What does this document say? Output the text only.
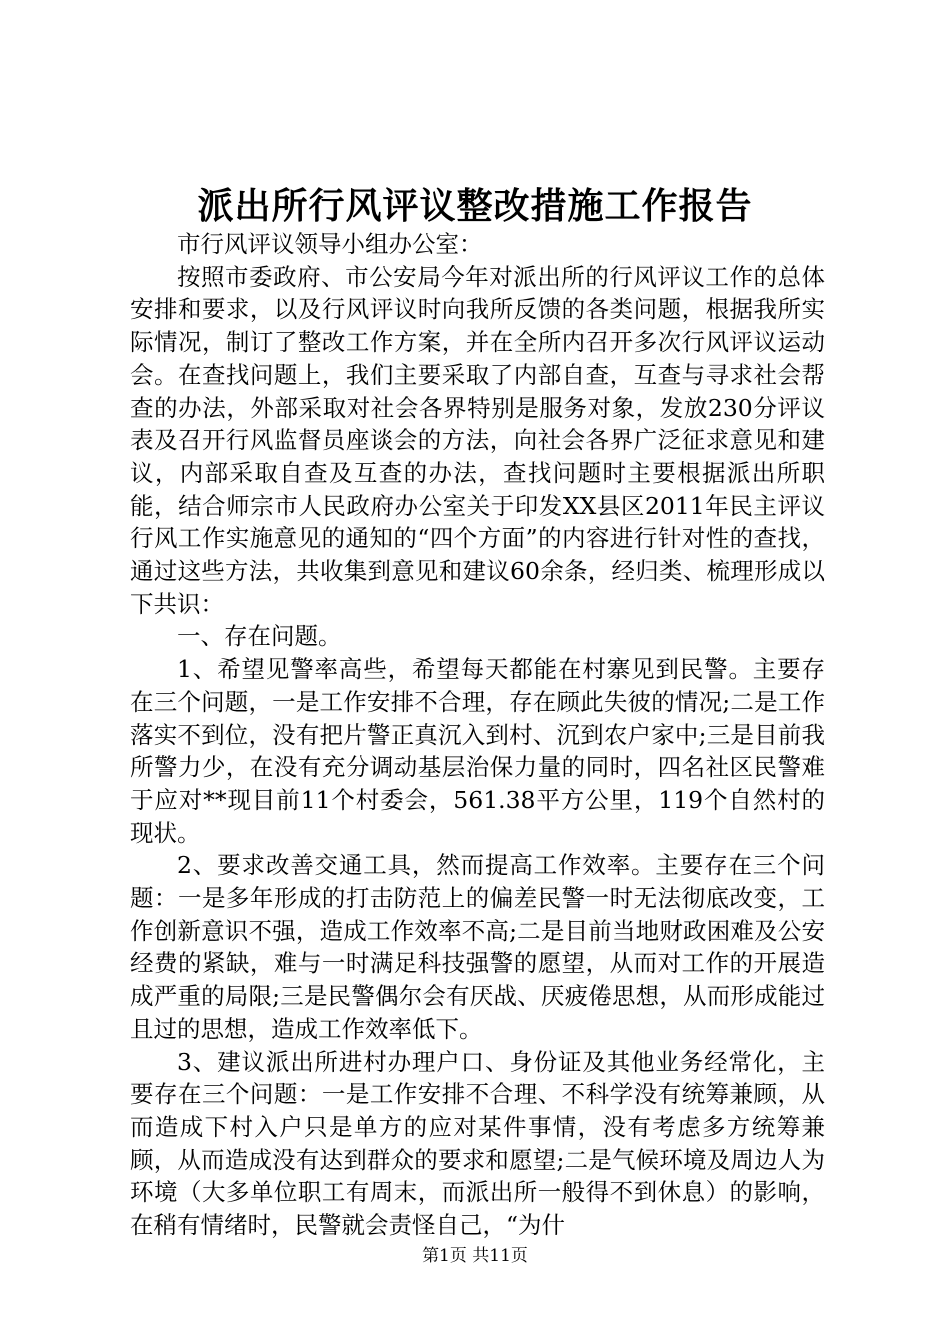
派出所行风评议整改措施工作报告

市行风评议领导小组办公室：

按照市委政府、市公安局今年对派出所的行风评议工作的总体安排和要求，以及行风评议时向我所反馈的各类问题，根据我所实际情况，制订了整改工作方案，并在全所内召开多次行风评议运动会。在查找问题上，我们主要采取了内部自查，互查与寻求社会帮查的办法，外部采取对社会各界特别是服务对象，发放230分评议表及召开行风监督员座谈会的方法，向社会各界广泛征求意见和建议，内部采取自查及互查的办法，查找问题时主要根据派出所职能，结合师宗市人民政府办公室关于印发XX县区2011年民主评议行风工作实施意见的通知的“四个方面”的内容进行针对性的查找，通过这些方法，共收集到意见和建议60余条，经归类、梳理形成以下共识：

一、存在问题。

1、希望见警率高些，希望每天都能在村寨见到民警。主要存在三个问题，一是工作安排不合理，存在顾此失彼的情况;二是工作落实不到位，没有把片警正真沉入到村、沉到农户家中;三是目前我所警力少，在没有充分调动基层治保力量的同时，四名社区民警难于应对**现目前11个村委会，561.38平方公里，119个自然村的现状。

2、要求改善交通工具，然而提高工作效率。主要存在三个问题：一是多年形成的打击防范上的偏差民警一时无法彻底改变，工作创新意识不强，造成工作效率不高;二是目前当地财政困难及公安经费的紧缺，难与一时满足科技强警的愿望，从而对工作的开展造成严重的局限;三是民警偶尔会有厌战、厌疲倦思想，从而形成能过且过的思想，造成工作效率低下。

3、建议派出所进村办理户口、身份证及其他业务经常化，主要存在三个问题：一是工作安排不合理、不科学没有统筹兼顾，从而造成下村入户只是单方的应对某件事情，没有考虑多方统筹兼顾，从而造成没有达到群众的要求和愿望;二是气候环境及周边人为环境（大多单位职工有周末，而派出所一般得不到休息）的影响，在稍有情绪时，民警就会责怪自己，“为什

第1页 共11页
